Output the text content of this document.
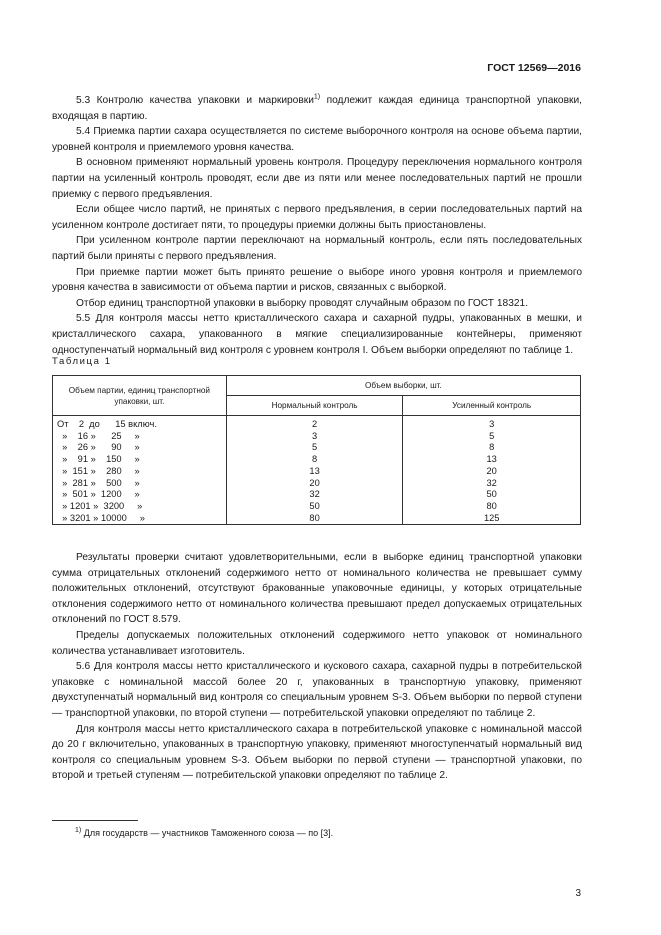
ГОСТ 12569—2016

5.3 Контролю качества упаковки и маркировки$^{1)}$ подлежит каждая единица транспортной упаковки, входящая в партию.

5.4 Приемка партии сахара осуществляется по системе выборочного контроля на основе объема партии, уровней контроля и приемлемого уровня качества.

В основном применяют нормальный уровень контроля. Процедуру переключения нормального контроля партии на усиленный контроль проводят, если две из пяти или менее последовательных партий не прошли приемку с первого предъявления.

Если общее число партий, не принятых с первого предъявления, в серии последовательных партий на усиленном контроле достигает пяти, то процедуры приемки должны быть приостановлены.

При усиленном контроле партии переключают на нормальный контроль, если пять последовательных партий были приняты с первого предъявления.

При приемке партии может быть принято решение о выборе иного уровня контроля и приемлемого уровня качества в зависимости от объема партии и рисков, связанных с выборкой.

Отбор единиц транспортной упаковки в выборку проводят случайным образом по ГОСТ 18321.

5.5 Для контроля массы нетто кристаллического сахара и сахарной пудры, упакованных в мешки, и кристаллического сахара, упакованного в мягкие специализированные контейнеры, применяют одноступенчатый нормальный вид контроля с уровнем контроля I. Объем выборки определяют по таблице 1.

Таблица 1
Объем партии, единиц транспортной упаковки, шт.	Объем выборки, шт.	
	Нормальный контроль	Усиленный контроль
От    2  до      15 включ.	2	3
»    16 »      25     »	3	5
»    26 »      90     »	5	8
»    91 »    150     »	8	13
»  151 »    280     »	13	20
»  281 »    500     »	20	32
»  501 »  1200     »	32	50
» 1201 »  3200     »	50	80
» 3201 » 10000     »	80	125

Результаты проверки считают удовлетворительными, если в выборке единиц транспортной упаковки сумма отрицательных отклонений содержимого нетто от номинального количества не превышает сумму положительных отклонений, отсутствуют бракованные упаковочные единицы, у которых отрицательные отклонения содержимого нетто от номинального количества превышают предел допускаемых отрицательных отклонений по ГОСТ 8.579.

Пределы допускаемых положительных отклонений содержимого нетто упаковок от номинального количества устанавливает изготовитель.

5.6 Для контроля массы нетто кристаллического и кускового сахара, сахарной пудры в потребительской упаковке с номинальной массой более 20 г, упакованных в транспортную упаковку, применяют двухступенчатый нормальный вид контроля со специальным уровнем S-3. Объем выборки по первой ступени — транспортной упаковки, по второй ступени — потребительской упаковки определяют по таблице 2.

Для контроля массы нетто кристаллического сахара в потребительской упаковке с номинальной массой до 20 г включительно, упакованных в транспортную упаковку, применяют многоступенчатый нормальный вид контроля со специальным уровнем S-3. Объем выборки по первой ступени — транспортной упаковки, по второй и третьей ступеням — потребительской упаковки определяют по таблице 2.

$^{1)}$ Для государств — участников Таможенного союза — по [3].
3
